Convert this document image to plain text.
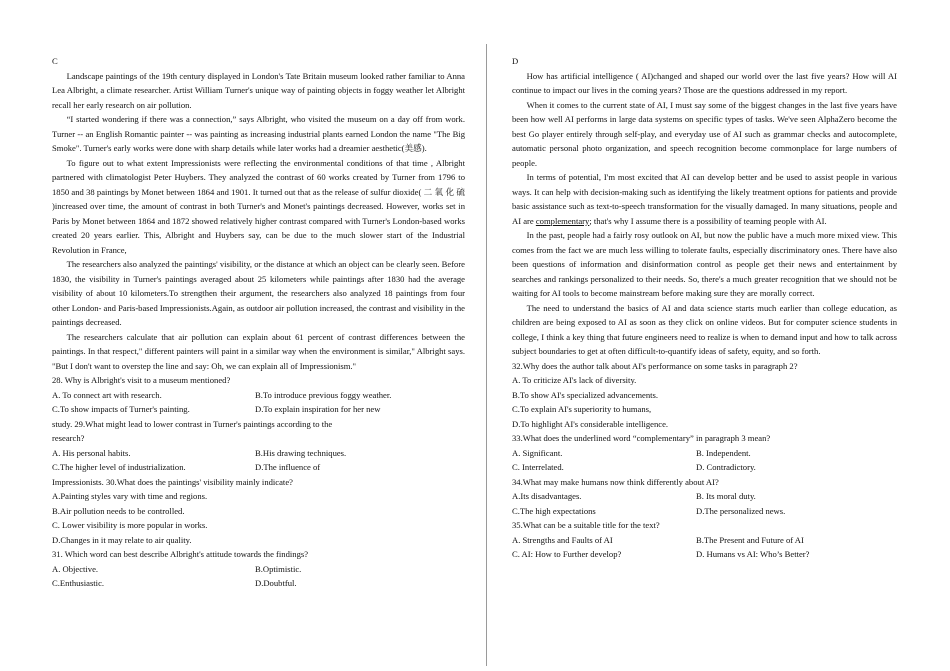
C

Landscape paintings of the 19th century displayed in London's Tate Britain museum looked rather familiar to Anna Lea Albright, a climate researcher. Artist William Turner's unique way of painting objects in foggy weather let Albright recall her early research on air pollution.

“I started wondering if there was a connection,” says Albright, who visited the museum on a day off from work. Turner -- an English Romantic painter -- was painting as increasing industrial plants earned London the name "The Big Smoke". Turner's early works were done with sharp details while later works had a dreamier aesthetic(美感).

To figure out to what extent Impressionists were reflecting the environmental conditions of that time , Albright partnered with climatologist Peter Huybers. They analyzed the contrast of 60 works created by Turner from 1796 to 1850 and 38 paintings by Monet between 1864 and 1901. It turned out that as the release of sulfur dioxide( 二 氧 化 硫 )increased over time, the amount of contrast in both Turner's and Monet's paintings decreased. However, works set in Paris by Monet between 1864 and 1872 showed relatively higher contrast compared with Turner's London-based works created 20 years earlier. This, Albright and Huybers say, can be due to the much slower start of the Industrial Revolution in France,

The researchers also analyzed the paintings' visibility, or the distance at which an object can be clearly seen. Before 1830, the visibility in Turner's paintings averaged about 25 kilometers while paintings after 1830 had the average visibility of about 10 kilometers.To strengthen their argument, the researchers also analyzed 18 paintings from four other London- and Paris-based Impressionists.Again, as outdoor air pollution increased, the contrast and visibility in the paintings decreased.

The researchers calculate that air pollution can explain about 61 percent of contrast differences between the paintings. In that respect," different painters will paint in a similar way when the environment is similar," Albright says. "But I don't want to overstep the line and say: Oh, we can explain all of Impressionism."

28. Why is Albright's visit to a museum mentioned?

A. To connect art with research.	B.To introduce previous foggy weather.
C.To show impacts of Turner's painting.	D.To explain inspiration for her new

study. 29.What might lead to lower contrast in Turner's paintings according to the

research?

A. His personal habits.	B.His drawing techniques.
C.The higher level of industrialization.	D.The influence of

Impressionists. 30.What does the paintings' visibility mainly indicate?

A.Painting styles vary with time and regions.

B.Air pollution needs to be controlled.

C. Lower visibility is more popular in works.

D.Changes in it may relate to air quality.

31. Which word can best describe Albright's attitude towards the findings?

A. Objective.	B.Optimistic.
C.Enthusiastic.	D.Doubtful.

D

How has artificial intelligence ( AI)changed and shaped our world over the last five years? How will AI continue to impact our lives in the coming years? Those are the questions addressed in my report.

When it comes to the current state of AI, I must say some of the biggest changes in the last five years have been how well AI performs in large data systems on specific types of tasks. We've seen AlphaZero become the best Go player entirely through self-play, and everyday use of AI such as grammar checks and autocomplete, automatic personal photo organization, and speech recognition become commonplace for large numbers of people.

In terms of potential, I'm most excited that AI can develop better and be used to assist people in various ways. It can help with decision-making such as identifying the likely treatment options for patients and provide basic assistance such as text-to-speech transformation for the visually damaged. In many situations, people and AI are complementary; that's why I assume there is a possibility of teaming people with AI.

In the past, people had a fairly rosy outlook on AI, but now the public have a much more mixed view. This comes from the fact we are much less willing to tolerate faults, especially discriminatory ones. There have also been questions of information and disinformation control as people get their news and entertainment by searches and rankings personalized to their needs. So, there's a much greater recognition that we should not be waiting for AI tools to become mainstream before making sure they are morally correct.

The need to understand the basics of AI and data science starts much earlier than college education, as children are being exposed to AI as soon as they click on online videos. But for computer science students in college, I think a key thing that future engineers need to realize is when to demand input and how to talk across subject boundaries to get at often difficult-to-quantify ideas of safety, equity, and so forth.

32.Why does the author talk about AI's performance on some tasks in paragraph 2?

A. To criticize AI's lack of diversity.

B.To show AI's specialized advancements.

C.To explain AI's superiority to humans,

D.To highlight AI's considerable intelligence.

33.What does the underlined word “complementary” in paragraph 3 mean?

A. Significant.	B. Independent.
C. Interrelated.	D. Contradictory.

34.What may make humans now think differently about AI?

A.Its disadvantages.	B. Its moral duty.
C.The high expectations	D.The personalized news.

35.What can be a suitable title for the text?

A. Strengths and Faults of AI	B.The Present and Future of AI
C. AI: How to Further develop?	D. Humans vs AI: Who’s Better?
